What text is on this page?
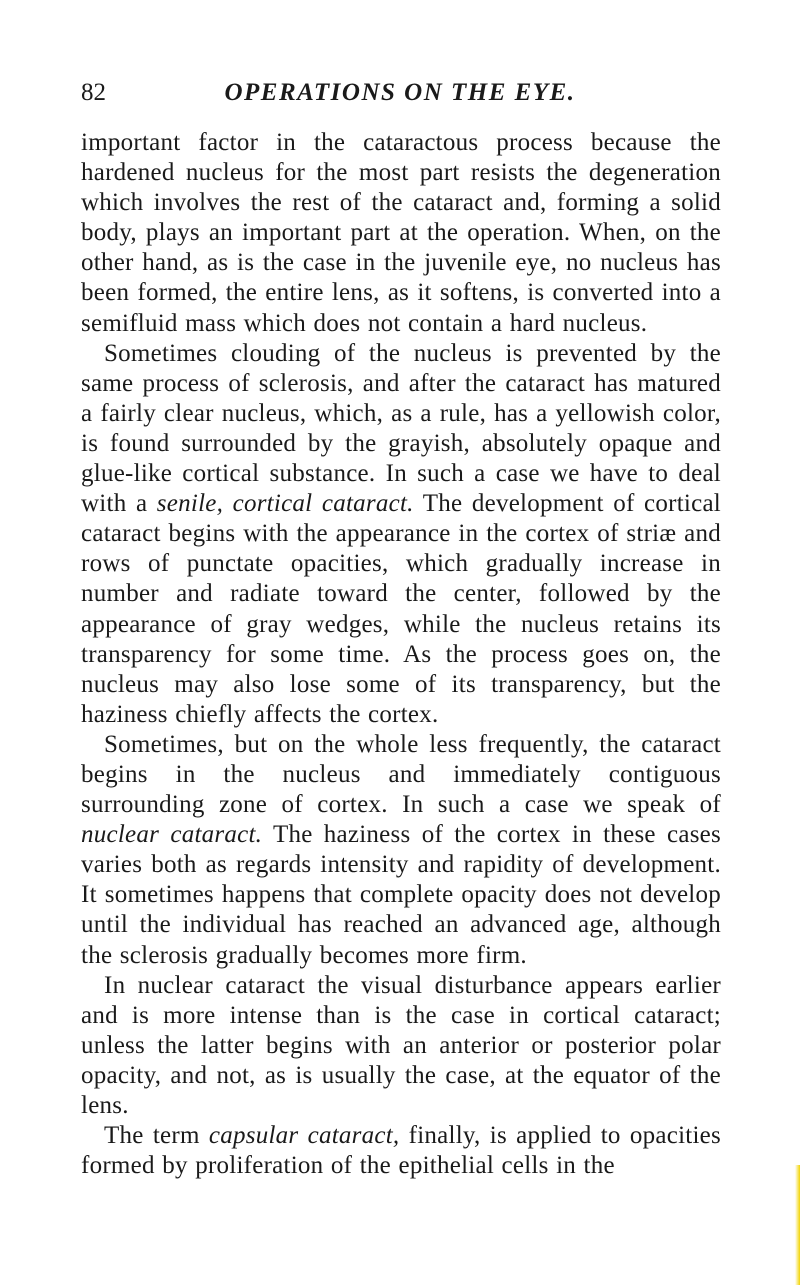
82	OPERATIONS ON THE EYE.

important factor in the cataractous process because the hardened nucleus for the most part resists the degeneration which involves the rest of the cataract and, forming a solid body, plays an important part at the operation. When, on the other hand, as is the case in the juvenile eye, no nucleus has been formed, the entire lens, as it softens, is converted into a semifluid mass which does not contain a hard nucleus.

Sometimes clouding of the nucleus is prevented by the same process of sclerosis, and after the cataract has matured a fairly clear nucleus, which, as a rule, has a yellowish color, is found surrounded by the grayish, absolutely opaque and glue-like cortical substance. In such a case we have to deal with a senile, cortical cataract. The development of cortical cataract begins with the appearance in the cortex of striæ and rows of punctate opacities, which gradually increase in number and radiate toward the center, followed by the appearance of gray wedges, while the nucleus retains its transparency for some time. As the process goes on, the nucleus may also lose some of its transparency, but the haziness chiefly affects the cortex.

Sometimes, but on the whole less frequently, the cataract begins in the nucleus and immediately contiguous surrounding zone of cortex. In such a case we speak of nuclear cataract. The haziness of the cortex in these cases varies both as regards intensity and rapidity of development. It sometimes happens that complete opacity does not develop until the individual has reached an advanced age, although the sclerosis gradually becomes more firm.

In nuclear cataract the visual disturbance appears earlier and is more intense than is the case in cortical cataract; unless the latter begins with an anterior or posterior polar opacity, and not, as is usually the case, at the equator of the lens.

The term capsular cataract, finally, is applied to opacities formed by proliferation of the epithelial cells in the
